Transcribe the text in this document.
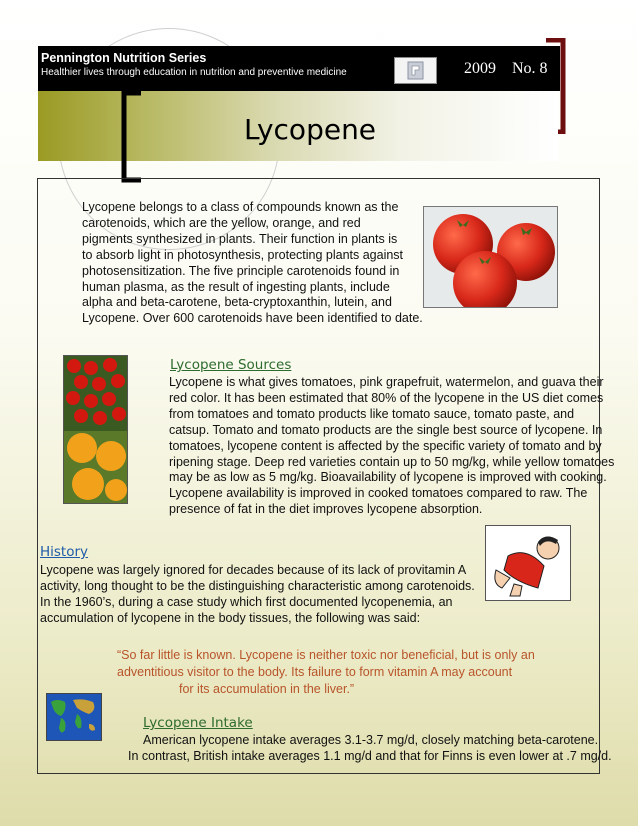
Pennington Nutrition Series
Healthier lives through education in nutrition and preventive medicine	2009 No. 8
Lycopene
Lycopene belongs to a class of compounds known as the
carotenoids, which are the yellow, orange, and red
pigments synthesized in plants. Their function in plants is
to absorb light in photosynthesis, protecting plants against
photosensitization. The five principle carotenoids found in
human plasma, as the result of ingesting plants, include
alpha and beta-carotene, beta-cryptoxanthin, lutein, and
Lycopene. Over 600 carotenoids have been identified to date.
Lycopene Sources
Lycopene is what gives tomatoes, pink grapefruit, watermelon, and guava their
red color. It has been estimated that 80% of the lycopene in the US diet comes
from tomatoes and tomato products like tomato sauce, tomato paste, and
catsup. Tomato and tomato products are the single best source of lycopene. In
tomatoes, lycopene content is affected by the specific variety of tomato and by
ripening stage. Deep red varieties contain up to 50 mg/kg, while yellow tomatoes
may be as low as 5 mg/kg. Bioavailability of lycopene is improved with cooking.
Lycopene availability is improved in cooked tomatoes compared to raw. The
presence of fat in the diet improves lycopene absorption.
History
Lycopene was largely ignored for decades because of its lack of provitamin A
activity, long thought to be the distinguishing characteristic among carotenoids.
In the 1960’s, during a case study which first documented lycopenemia, an
accumulation of lycopene in the body tissues, the following was said:
“So far little is known. Lycopene is neither toxic nor beneficial, but is only an
adventitious visitor to the body. Its failure to form vitamin A may account
for its accumulation in the liver.”
Lycopene Intake
American lycopene intake averages 3.1-3.7 mg/d, closely matching beta-carotene.
In contrast, British intake averages 1.1 mg/d and that for Finns is even lower at .7 mg/d.
